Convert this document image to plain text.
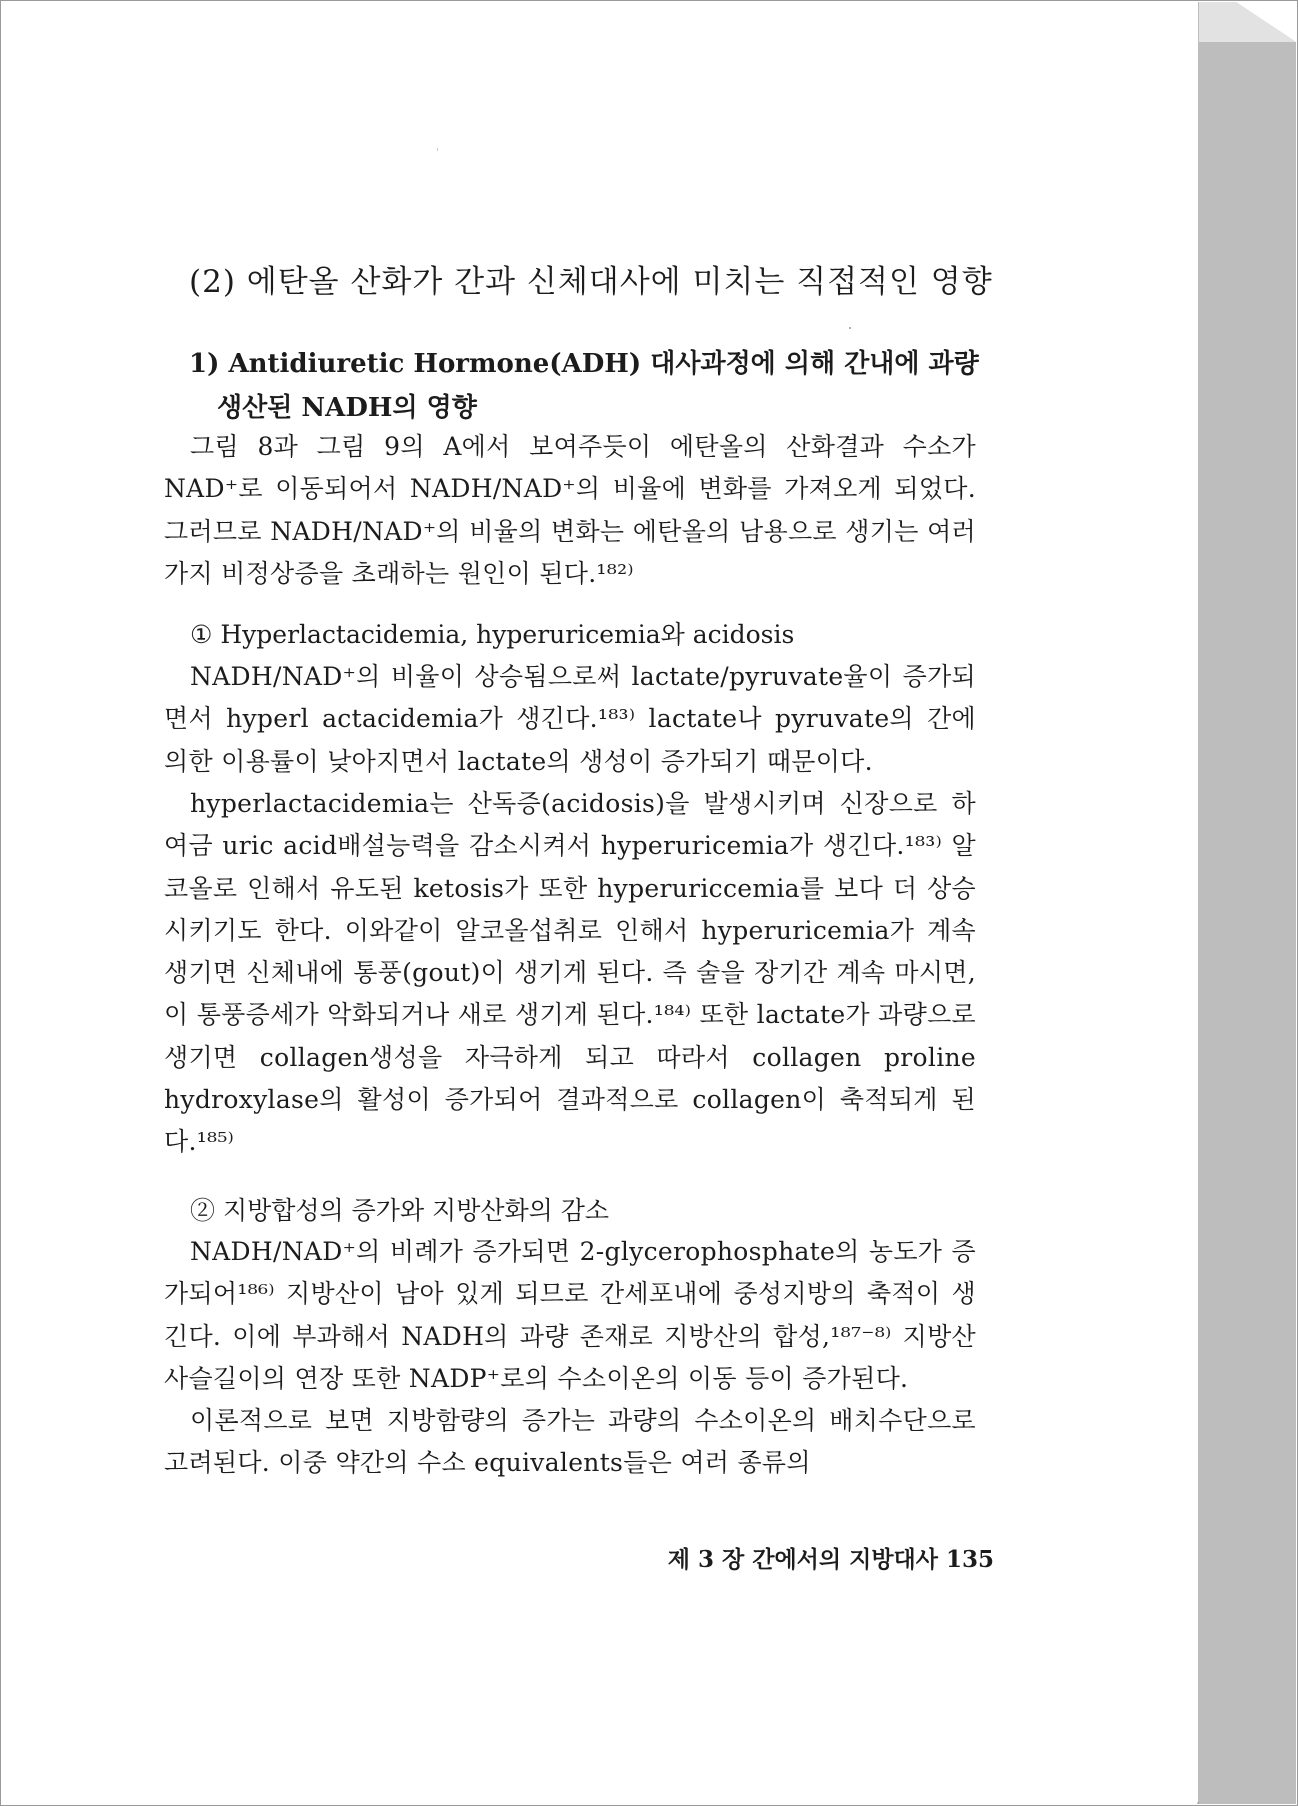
(2) 에탄올 산화가 간과 신체대사에 미치는 직접적인 영향
1) Antidiuretic Hormone(ADH) 대사과정에 의해 간내에 과량
생산된 NADH의 영향

그림 8과 그림 9의 A에서 보여주듯이 에탄올의 산화결과 수소가 NAD⁺로 이동되어서 NADH/NAD⁺의 비율에 변화를 가져오게 되었다. 그러므로 NADH/NAD⁺의 비율의 변화는 에탄올의 남용으로 생기는 여러가지 비정상증을 초래하는 원인이 된다.¹⁸²⁾

① Hyperlactacidemia, hyperuricemia와 acidosis

NADH/NAD⁺의 비율이 상승됨으로써 lactate/pyruvate율이 증가되면서 hyperl actacidemia가 생긴다.¹⁸³⁾ lactate나 pyruvate의 간에 의한 이용률이 낮아지면서 lactate의 생성이 증가되기 때문이다.

hyperlactacidemia는 산독증(acidosis)을 발생시키며 신장으로 하여금 uric acid배설능력을 감소시켜서 hyperuricemia가 생긴다.¹⁸³⁾ 알코올로 인해서 유도된 ketosis가 또한 hyperuriccemia를 보다 더 상승시키기도 한다. 이와같이 알코올섭취로 인해서 hyperuricemia가 계속 생기면 신체내에 통풍(gout)이 생기게 된다. 즉 술을 장기간 계속 마시면, 이 통풍증세가 악화되거나 새로 생기게 된다.¹⁸⁴⁾ 또한 lactate가 과량으로 생기면 collagen생성을 자극하게 되고 따라서 collagen proline hydroxylase의 활성이 증가되어 결과적으로 collagen이 축적되게 된다.¹⁸⁵⁾

② 지방합성의 증가와 지방산화의 감소

NADH/NAD⁺의 비례가 증가되면 2-glycerophosphate의 농도가 증가되어¹⁸⁶⁾ 지방산이 남아 있게 되므로 간세포내에 중성지방의 축적이 생긴다. 이에 부과해서 NADH의 과량 존재로 지방산의 합성,¹⁸⁷⁻⁸⁾ 지방산 사슬길이의 연장 또한 NADP⁺로의 수소이온의 이동 등이 증가된다.

이론적으로 보면 지방함량의 증가는 과량의 수소이온의 배치수단으로 고려된다. 이중 약간의 수소 equivalents들은 여러 종류의

제 3 장 간에서의 지방대사 135
